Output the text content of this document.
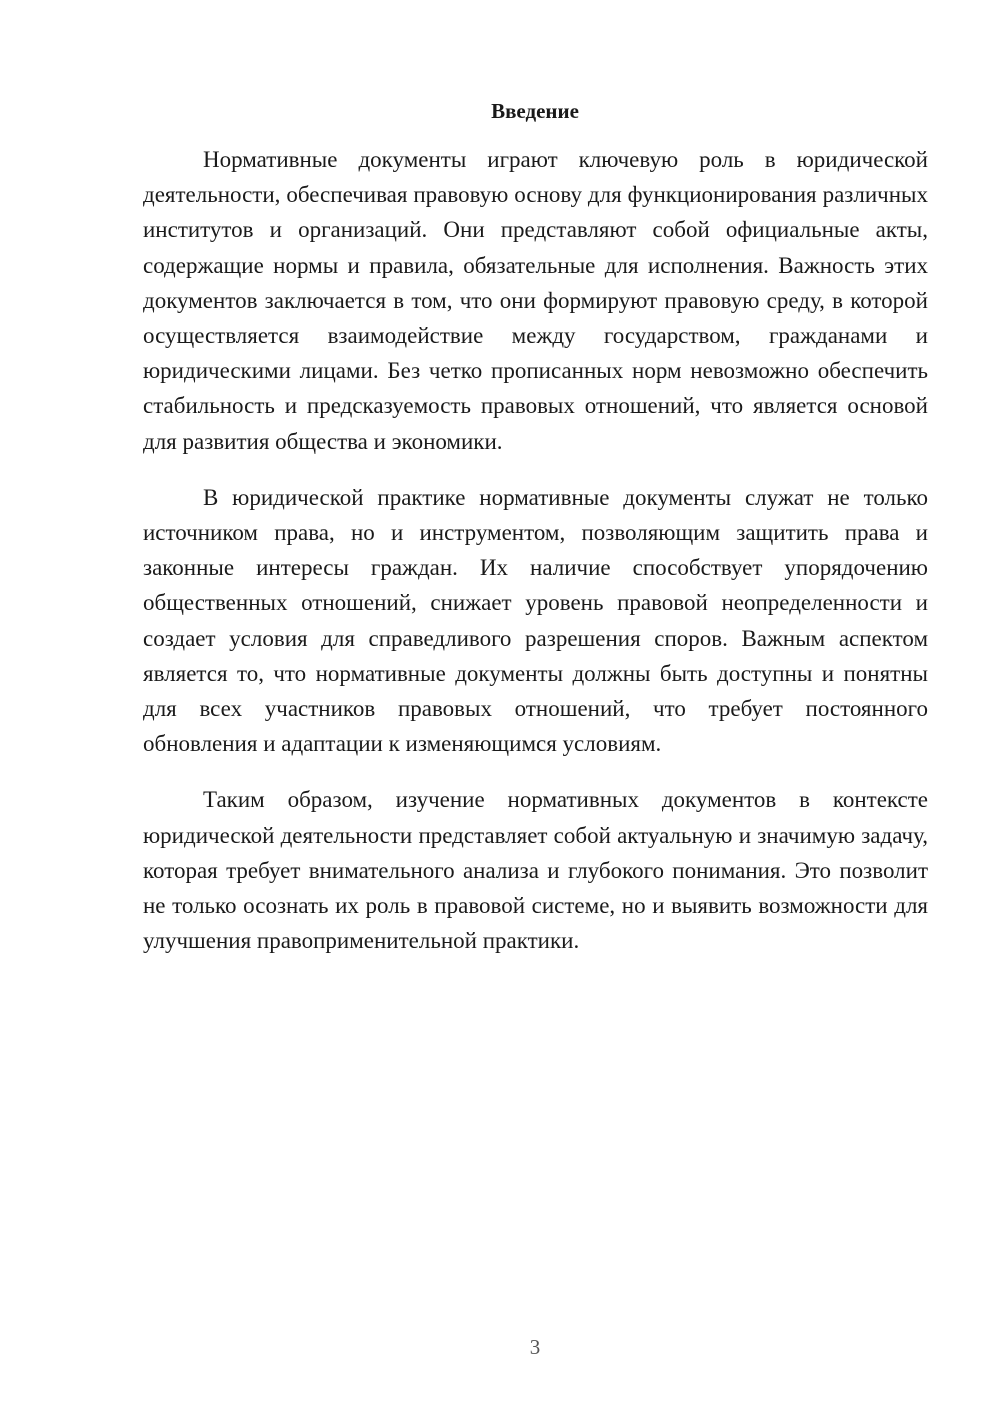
Введение

Нормативные документы играют ключевую роль в юридической деятельности, обеспечивая правовую основу для функционирования различных институтов и организаций. Они представляют собой официальные акты, содержащие нормы и правила, обязательные для исполнения. Важность этих документов заключается в том, что они формируют правовую среду, в которой осуществляется взаимодействие между государством, гражданами и юридическими лицами. Без четко прописанных норм невозможно обеспечить стабильность и предсказуемость правовых отношений, что является основой для развития общества и экономики.

В юридической практике нормативные документы служат не только источником права, но и инструментом, позволяющим защитить права и законные интересы граждан. Их наличие способствует упорядочению общественных отношений, снижает уровень правовой неопределенности и создает условия для справедливого разрешения споров. Важным аспектом является то, что нормативные документы должны быть доступны и понятны для всех участников правовых отношений, что требует постоянного обновления и адаптации к изменяющимся условиям.

Таким образом, изучение нормативных документов в контексте юридической деятельности представляет собой актуальную и значимую задачу, которая требует внимательного анализа и глубокого понимания. Это позволит не только осознать их роль в правовой системе, но и выявить возможности для улучшения правоприменительной практики.

3
